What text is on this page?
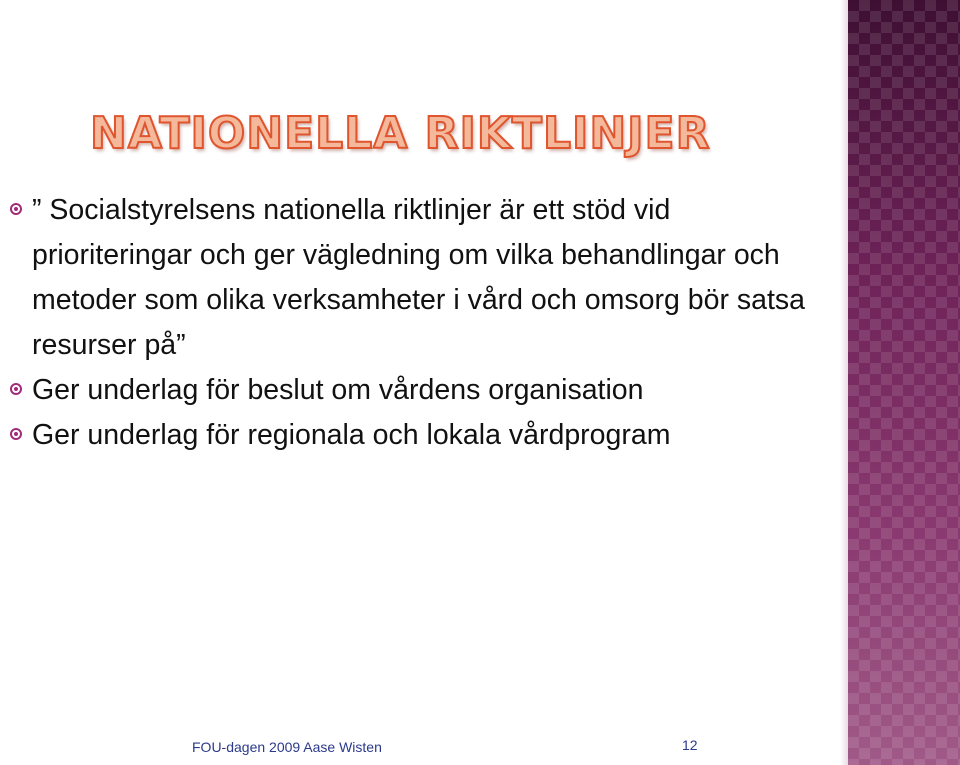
NATIONELLA RIKTLINJER
” Socialstyrelsens nationella riktlinjer är ett stöd vid prioriteringar och ger vägledning om vilka behandlingar och metoder som olika verksamheter i vård och omsorg bör satsa resurser på”
Ger underlag för beslut om vårdens organisation
Ger underlag för regionala och lokala vårdprogram
FOU-dagen 2009 Aase Wisten	12
